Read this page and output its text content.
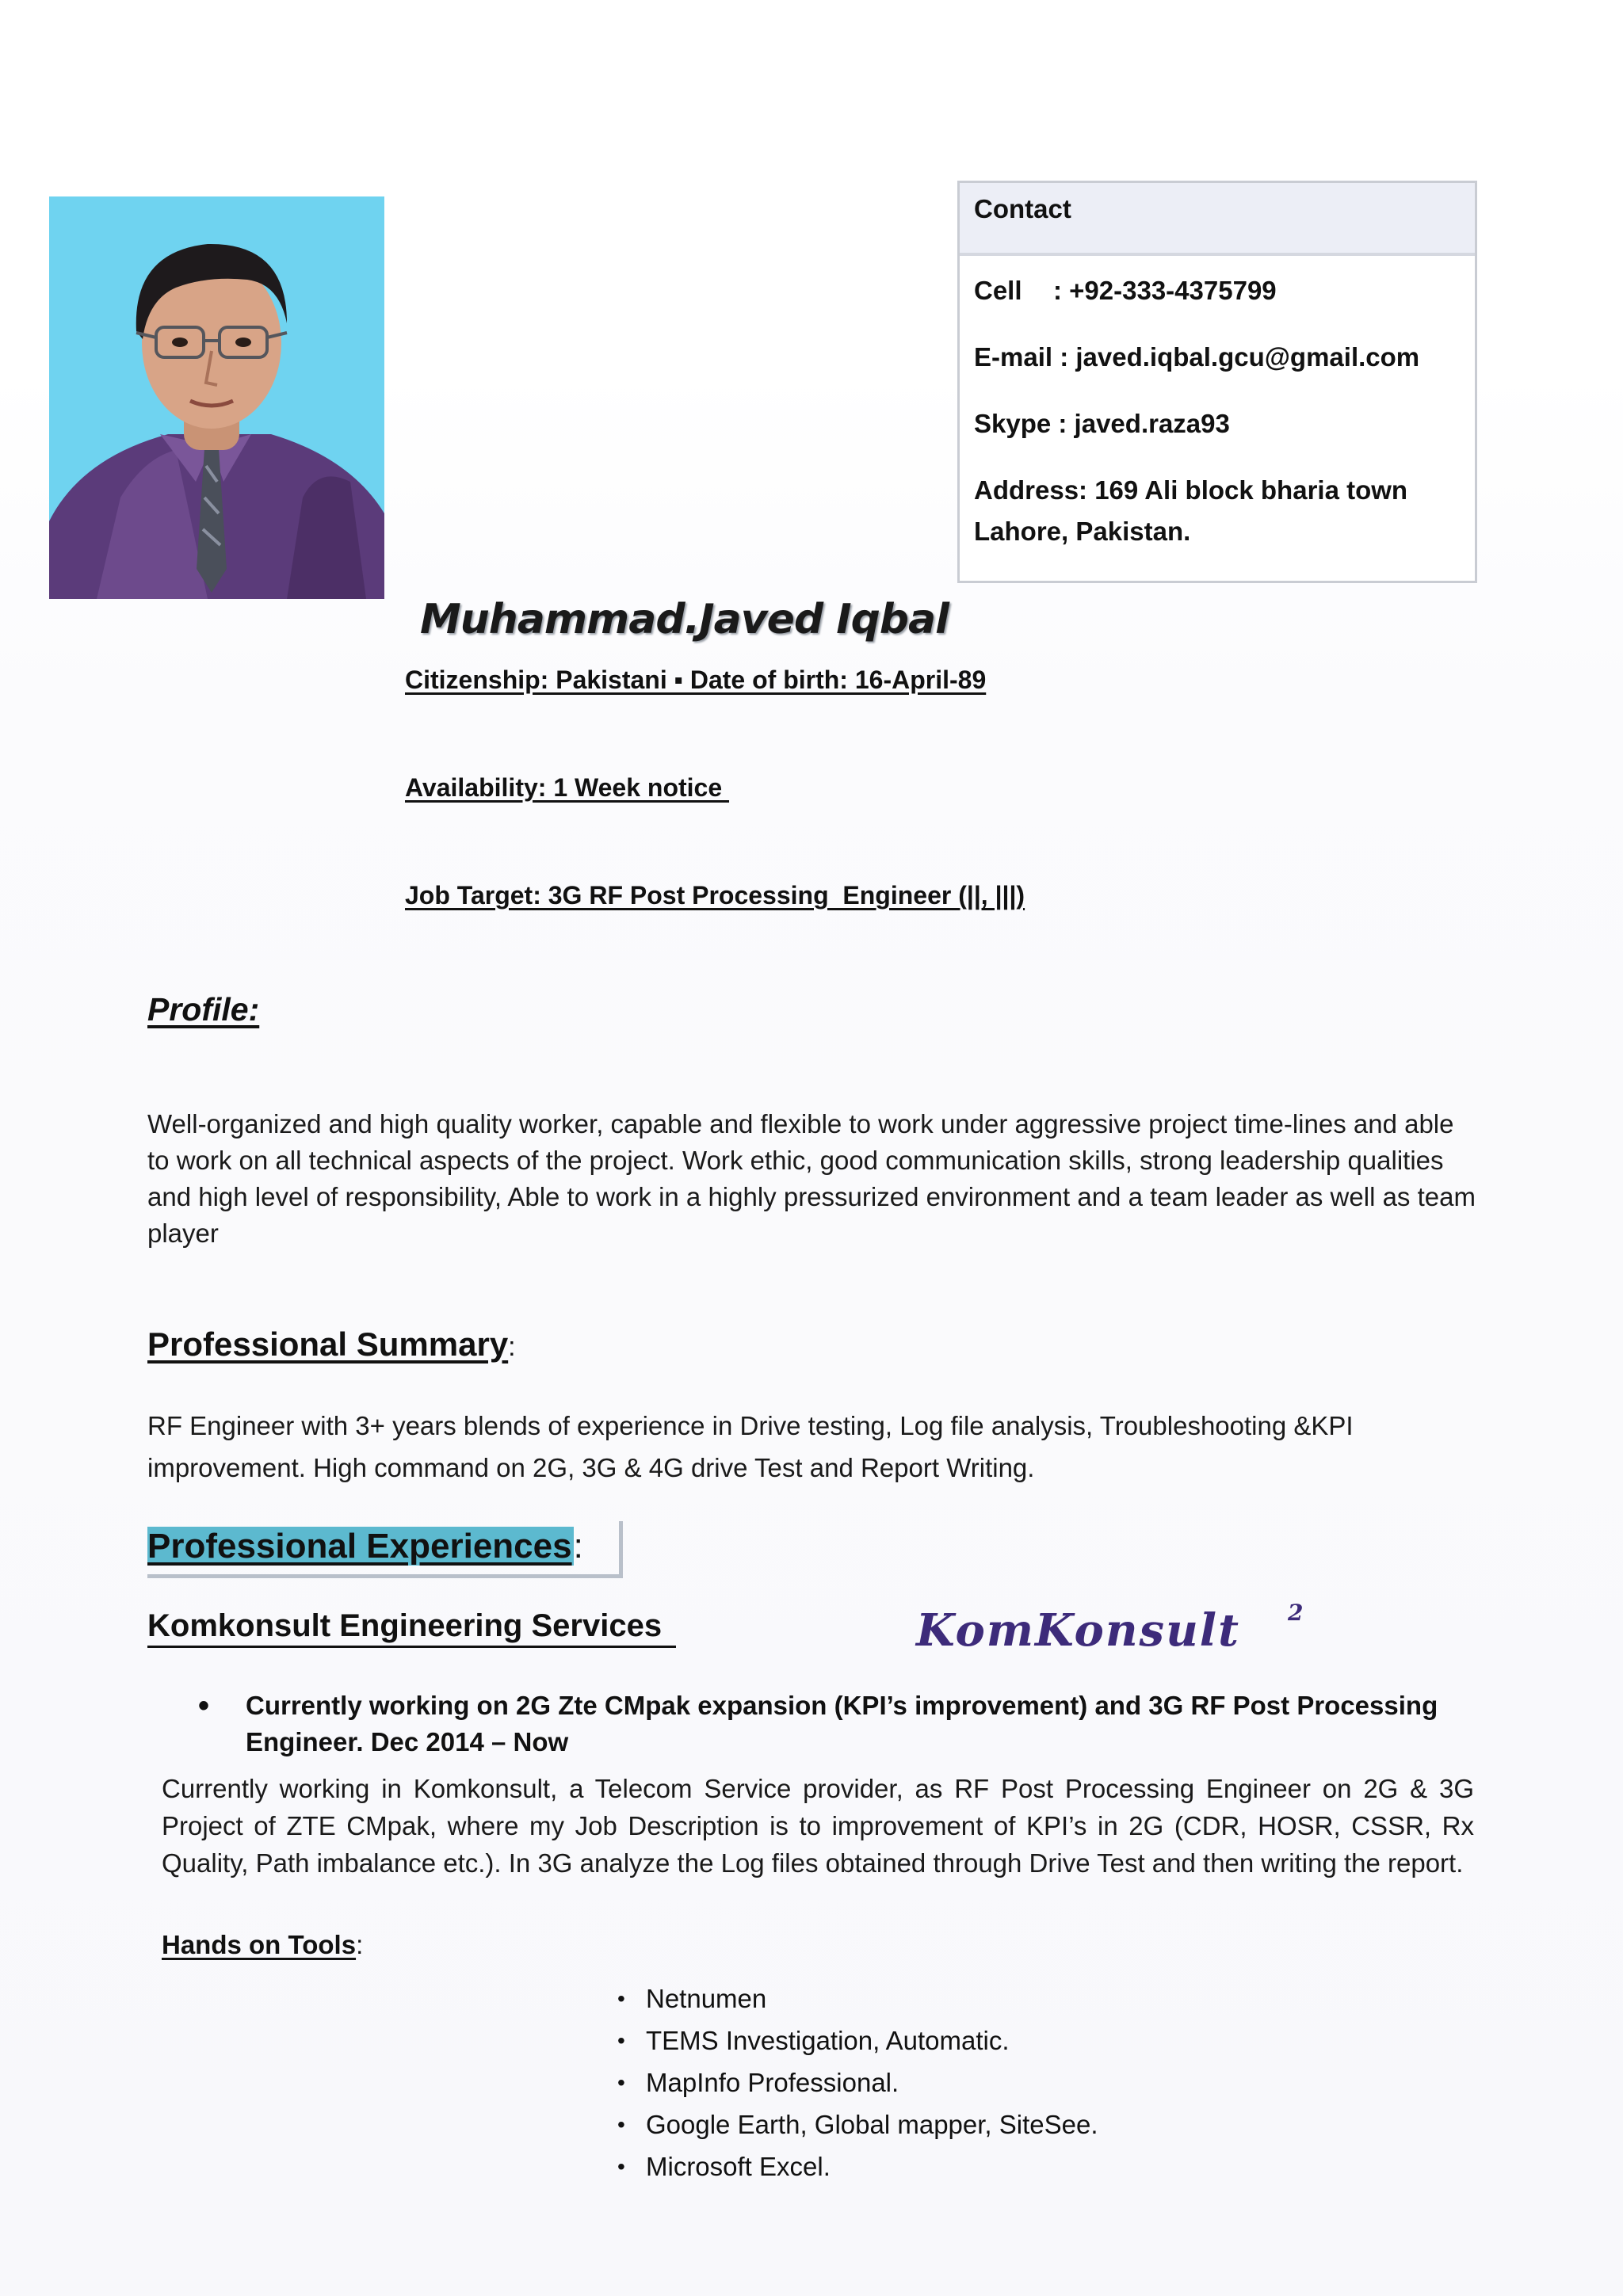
Contact
Cell : +92-333-4375799
E-mail : javed.iqbal.gcu@gmail.com
Skype : javed.raza93
Address: 169 Ali block bharia town
Lahore, Pakistan.
Muhammad.Javed Iqbal
Citizenship: Pakistani ▪ Date of birth: 16-April-89
Availability: 1 Week notice
Job Target: 3G RF Post Processing  Engineer (||, |||)
Profile:
Well-organized and high quality worker, capable and flexible to work under aggressive project time-lines and able to work on all technical aspects of the project. Work ethic, good communication skills, strong leadership qualities and high level of responsibility, Able to work in a highly pressurized environment and a team leader as well as team player
Professional Summary:
RF Engineer with 3+ years blends of experience in Drive testing, Log file analysis, Troubleshooting &KPI
improvement. High command on 2G, 3G & 4G drive Test and Report Writing.
Professional Experiences:
Komkonsult Engineering Services	KomKonsult 2
• Currently working on 2G Zte CMpak expansion (KPI’s improvement) and 3G RF Post Processing Engineer. Dec 2014 – Now
Currently working in Komkonsult, a Telecom Service provider, as RF Post Processing Engineer on 2G & 3G Project of ZTE CMpak, where my Job Description is to improvement of KPI’s in 2G (CDR, HOSR, CSSR, Rx Quality, Path imbalance etc.). In 3G analyze the Log files obtained through Drive Test and then writing the report.
Hands on Tools:
• Netnumen
• TEMS Investigation, Automatic.
• MapInfo Professional.
• Google Earth, Global mapper, SiteSee.
• Microsoft Excel.
